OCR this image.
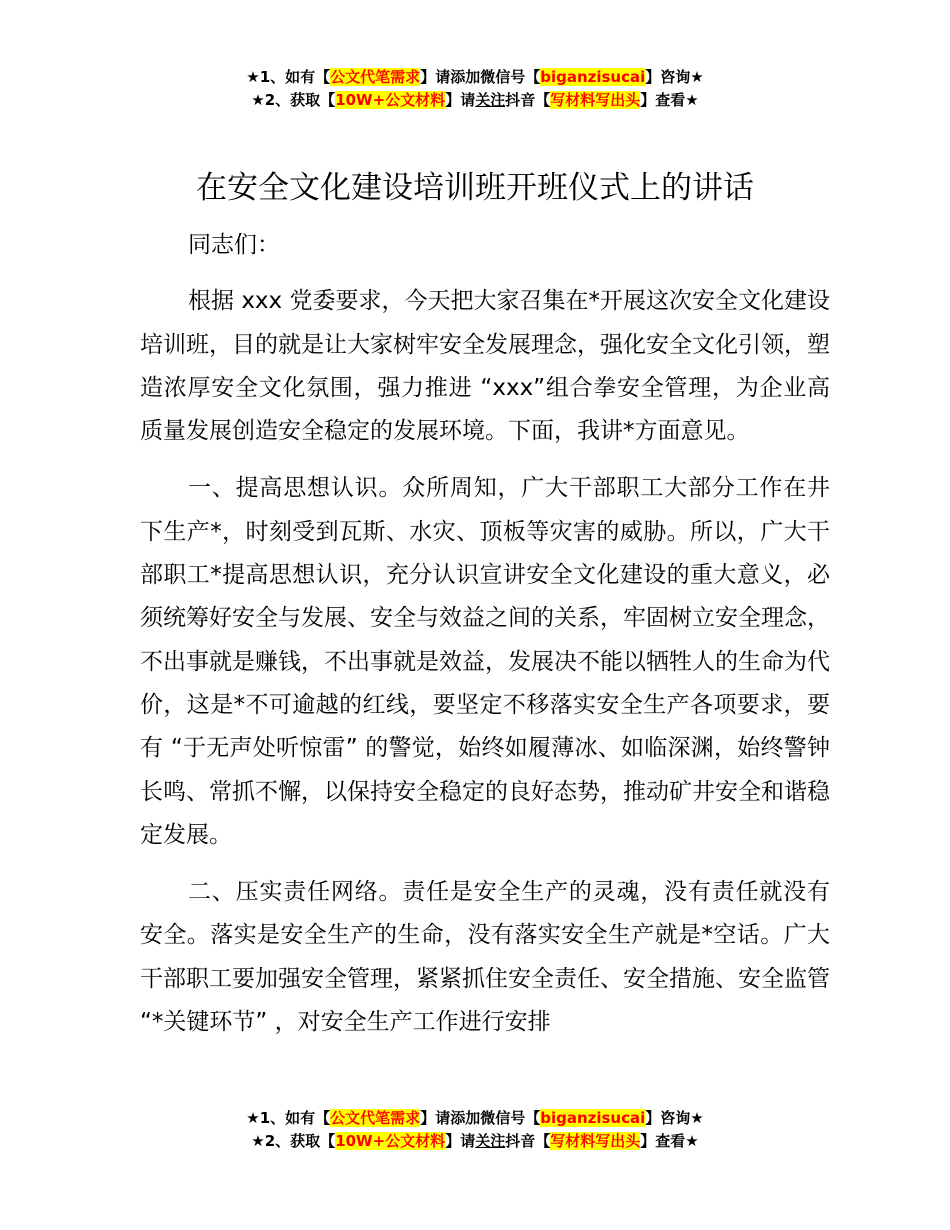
★1、如有【公文代笔需求】请添加微信号【biganzisucai】咨询★
★2、获取【10W+公文材料】请关注抖音【写材料写出头】查看★
在安全文化建设培训班开班仪式上的讲话

同志们：

根据 xxx 党委要求，今天把大家召集在*开展这次安全文化建设培训班，目的就是让大家树牢安全发展理念，强化安全文化引领，塑造浓厚安全文化氛围，强力推进 “xxx”组合拳安全管理，为企业高质量发展创造安全稳定的发展环境。下面，我讲*方面意见。

一、提高思想认识。众所周知，广大干部职工大部分工作在井下生产*，时刻受到瓦斯、水灾、顶板等灾害的威胁。所以，广大干部职工*提高思想认识，充分认识宣讲安全文化建设的重大意义，必须统筹好安全与发展、安全与效益之间的关系，牢固树立安全理念，不出事就是赚钱，不出事就是效益，发展决不能以牺牲人的生命为代价，这是*不可逾越的红线，要坚定不移落实安全生产各项要求，要有 “于无声处听惊雷” 的警觉，始终如履薄冰、如临深渊，始终警钟长鸣、常抓不懈，以保持安全稳定的良好态势，推动矿井安全和谐稳定发展。

二、压实责任网络。责任是安全生产的灵魂，没有责任就没有安全。落实是安全生产的生命，没有落实安全生产就是*空话。广大干部职工要加强安全管理，紧紧抓住安全责任、安全措施、安全监管 “*关键环节” ，对安全生产工作进行安排

★1、如有【公文代笔需求】请添加微信号【biganzisucai】咨询★
★2、获取【10W+公文材料】请关注抖音【写材料写出头】查看★
